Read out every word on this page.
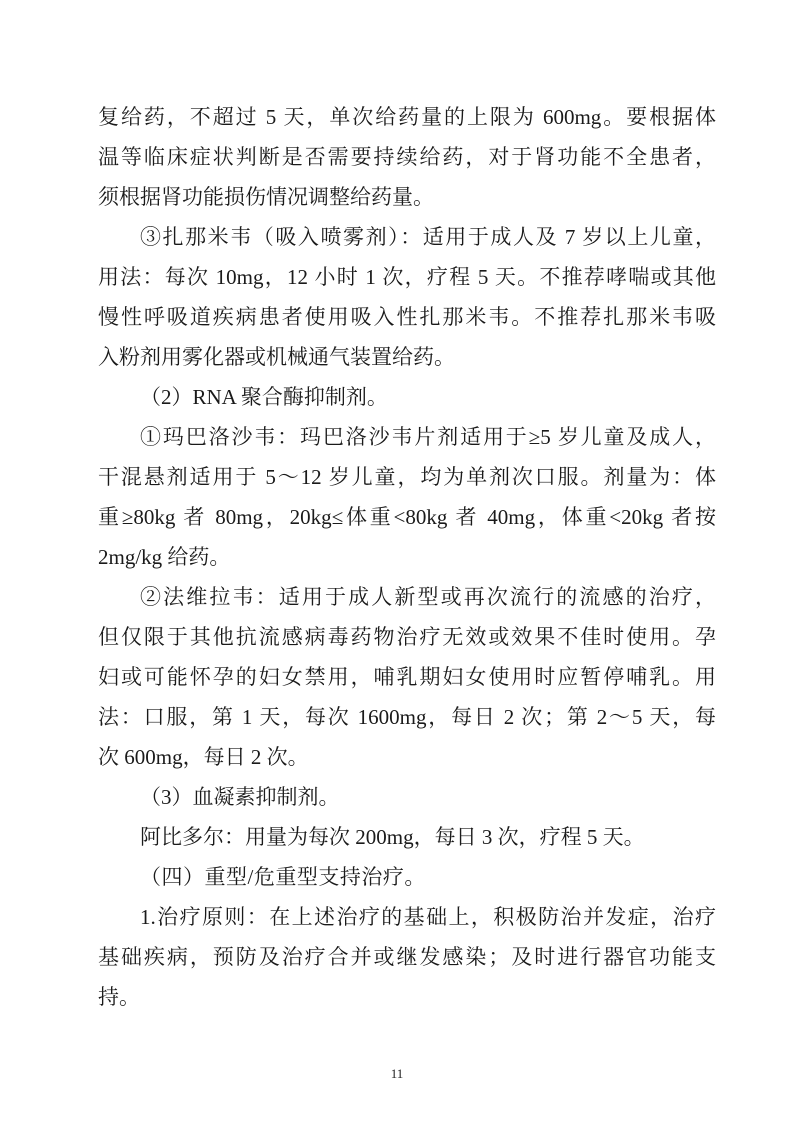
复给药，不超过 5 天，单次给药量的上限为 600mg。要根据体
温等临床症状判断是否需要持续给药，对于肾功能不全患者，
须根据肾功能损伤情况调整给药量。
③扎那米韦（吸入喷雾剂）：适用于成人及 7 岁以上儿童，
用法：每次 10mg，12 小时 1 次，疗程 5 天。不推荐哮喘或其他
慢性呼吸道疾病患者使用吸入性扎那米韦。不推荐扎那米韦吸
入粉剂用雾化器或机械通气装置给药。
（2）RNA 聚合酶抑制剂。
①玛巴洛沙韦：玛巴洛沙韦片剂适用于≥5 岁儿童及成人，
干混悬剂适用于 5～12 岁儿童，均为单剂次口服。剂量为：体
重≥80kg 者 80mg，20kg≤体重<80kg 者 40mg，体重<20kg 者按
2mg/kg 给药。
②法维拉韦：适用于成人新型或再次流行的流感的治疗，
但仅限于其他抗流感病毒药物治疗无效或效果不佳时使用。孕
妇或可能怀孕的妇女禁用，哺乳期妇女使用时应暂停哺乳。用
法：口服，第 1 天，每次 1600mg，每日 2 次；第 2～5 天，每
次 600mg，每日 2 次。
（3）血凝素抑制剂。
阿比多尔：用量为每次 200mg，每日 3 次，疗程 5 天。
（四）重型/危重型支持治疗。
1.治疗原则：在上述治疗的基础上，积极防治并发症，治疗
基础疾病，预防及治疗合并或继发感染；及时进行器官功能支
持。
11
